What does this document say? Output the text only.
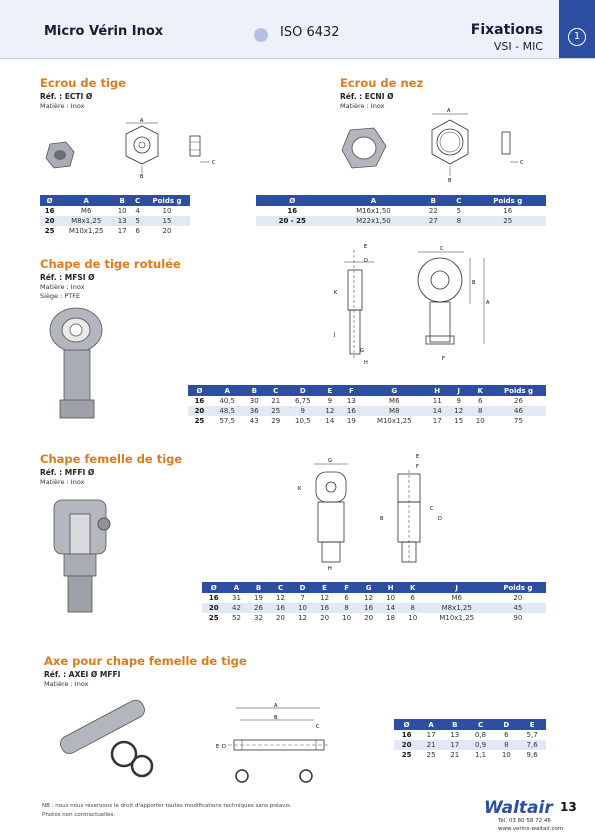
Micro Vérin Inox	ISO 6432	Fixations
VSI - MIC
1
Ecrou de tige
Réf. : ECTI Ø
Matière : Inox
A
B
C
Ø	A	B	C	Poids g
16	M6	10	4	10
20	M8x1,25	13	5	15
25	M10x1,25	17	6	20
Ecrou de nez
Réf. : ECNI Ø
Matière : Inox
A
B
C
Ø	A	B	C	Poids g
16	M16x1,50	22	5	16
20 - 25	M22x1,50	27	8	25
Chape de tige rotulée
Réf. : MFSI Ø
Matière : Inox
Siège : PTFE
E
D
K
J
G
H
C
B
A
F
Ø	A	B	C	D	E	F	G	H	J	K	Poids g
16	40,5	30	21	6,75	9	13	M6	11	9	6	26
20	48,5	36	25	9	12	16	M8	14	12	8	46
25	57,5	43	29	10,5	14	19	M10x1,25	17	15	10	75
Chape femelle de tige
Réf. : MFFI Ø
Matière : Inox
G
K
H
E
F
B
C
D
Ø	A	B	C	D	E	F	G	H	K	J	Poids g
16	31	19	12	7	12	6	12	10	6	M6	20
20	42	26	16	10	16	8	16	14	8	M8x1,25	45
25	52	32	20	12	20	10	20	18	10	M10x1,25	90
Axe pour chape femelle de tige
Réf. : AXEI Ø MFFI
Matière : Inox
A
B
C
E D
Ø	A	B	C	D	E
16	17	13	0,8	6	5,7
20	21	17	0,9	8	7,6
25	25	21	1,1	10	9,6
NB : nous nous réservons le droit d'apporter toutes modifications techniques sans préavis.
Photos non contractuelles.	Waltair
Tél. 03 80 58 72 46
www.verins-waltair.com
13
